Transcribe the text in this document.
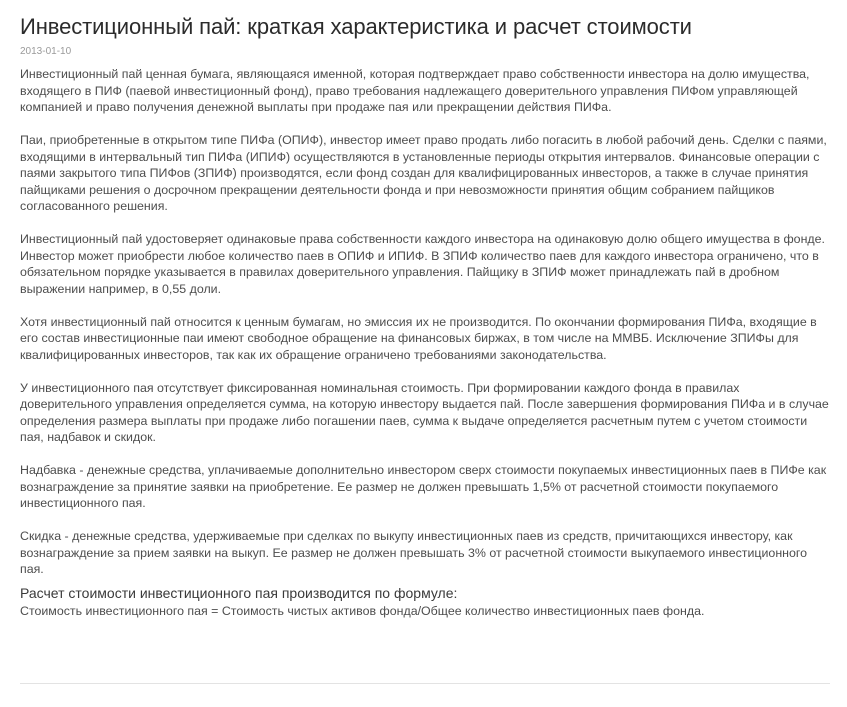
Инвестиционный пай: краткая характеристика и расчет стоимости
2013-01-10

Инвестиционный пай ценная бумага, являющаяся именной, которая подтверждает право собственности инвестора на долю имущества, входящего в ПИФ (паевой инвестиционный фонд), право требования надлежащего доверительного управления ПИФом управляющей компанией и право получения денежной выплаты при продаже пая или прекращении действия ПИФа.

Паи, приобретенные в открытом типе ПИФа (ОПИФ), инвестор имеет право продать либо погасить в любой рабочий день. Сделки с паями, входящими в интервальный тип ПИФа (ИПИФ) осуществляются в установленные периоды открытия интервалов. Финансовые операции с паями закрытого типа ПИФов (ЗПИФ) производятся, если фонд создан для квалифицированных инвесторов, а также в случае принятия пайщиками решения о досрочном прекращении деятельности фонда и при невозможности принятия общим собранием пайщиков согласованного решения.

Инвестиционный пай удостоверяет одинаковые права собственности каждого инвестора на одинаковую долю общего имущества в фонде. Инвестор может приобрести любое количество паев в ОПИФ и ИПИФ. В ЗПИФ количество паев для каждого инвестора ограничено, что в обязательном порядке указывается в правилах доверительного управления. Пайщику в ЗПИФ может принадлежать пай в дробном выражении например, в 0,55 доли.

Хотя инвестиционный пай относится к ценным бумагам, но эмиссия их не производится. По окончании формирования ПИФа, входящие в его состав инвестиционные паи имеют свободное обращение на финансовых биржах, в том числе на ММВБ. Исключение ЗПИФы для квалифицированных инвесторов, так как их обращение ограничено требованиями законодательства.

У инвестиционного пая отсутствует фиксированная номинальная стоимость. При формировании каждого фонда в правилах доверительного управления определяется сумма, на которую инвестору выдается пай. После завершения формирования ПИФа и в случае определения размера выплаты при продаже либо погашении паев, сумма к выдаче определяется расчетным путем с учетом стоимости пая, надбавок и скидок.

Надбавка - денежные средства, уплачиваемые дополнительно инвестором сверх стоимости покупаемых инвестиционных паев в ПИФе как вознаграждение за принятие заявки на приобретение. Ее размер не должен превышать 1,5% от расчетной стоимости покупаемого инвестиционного пая.

Скидка - денежные средства, удерживаемые при сделках по выкупу инвестиционных паев из средств, причитающихся инвестору, как вознаграждение за прием заявки на выкуп. Ее размер не должен превышать 3% от расчетной стоимости выкупаемого инвестиционного пая.

Расчет стоимости инвестиционного пая производится по формуле:
Стоимость инвестиционного пая = Стоимость чистых активов фонда/Общее количество инвестиционных паев фонда.
